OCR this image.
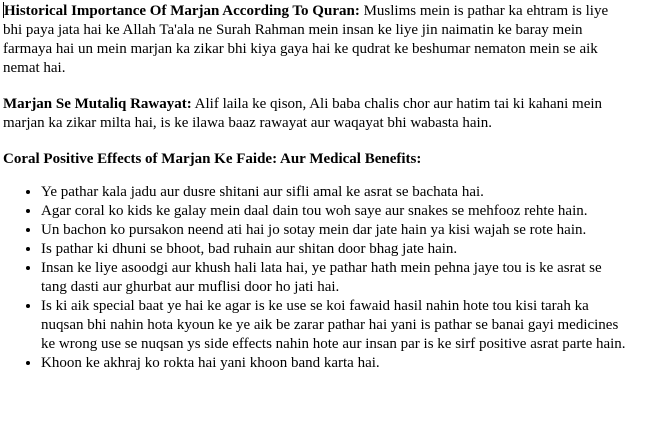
Historical Importance Of Marjan According To Quran: Muslims mein is pathar ka ehtram is liye bhi paya jata hai ke Allah Ta'ala ne Surah Rahman mein insan ke liye jin naimatin ke baray mein farmaya hai un mein marjan ka zikar bhi kiya gaya hai ke qudrat ke beshumar nematon mein se aik nemat hai.

Marjan Se Mutaliq Rawayat: Alif laila ke qison, Ali baba chalis chor aur hatim tai ki kahani mein marjan ka zikar milta hai, is ke ilawa baaz rawayat aur waqayat bhi wabasta hain.

Coral Positive Effects of Marjan Ke Faide: Aur Medical Benefits:

• Ye pathar kala jadu aur dusre shitani aur sifli amal ke asrat se bachata hai.
• Agar coral ko kids ke galay mein daal dain tou woh saye aur snakes se mehfooz rehte hain.
• Un bachon ko pursakon neend ati hai jo sotay mein dar jate hain ya kisi wajah se rote hain.
• Is pathar ki dhuni se bhoot, bad ruhain aur shitan door bhag jate hain.
• Insan ke liye asoodgi aur khush hali lata hai, ye pathar hath mein pehna jaye tou is ke asrat se tang dasti aur ghurbat aur muflisi door ho jati hai.
• Is ki aik special baat ye hai ke agar is ke use se koi fawaid hasil nahin hote tou kisi tarah ka nuqsan bhi nahin hota kyoun ke ye aik be zarar pathar hai yani is pathar se banai gayi medicines ke wrong use se nuqsan ys side effects nahin hote aur insan par is ke sirf positive asrat parte hain.
• Khoon ke akhraj ko rokta hai yani khoon band karta hai.
